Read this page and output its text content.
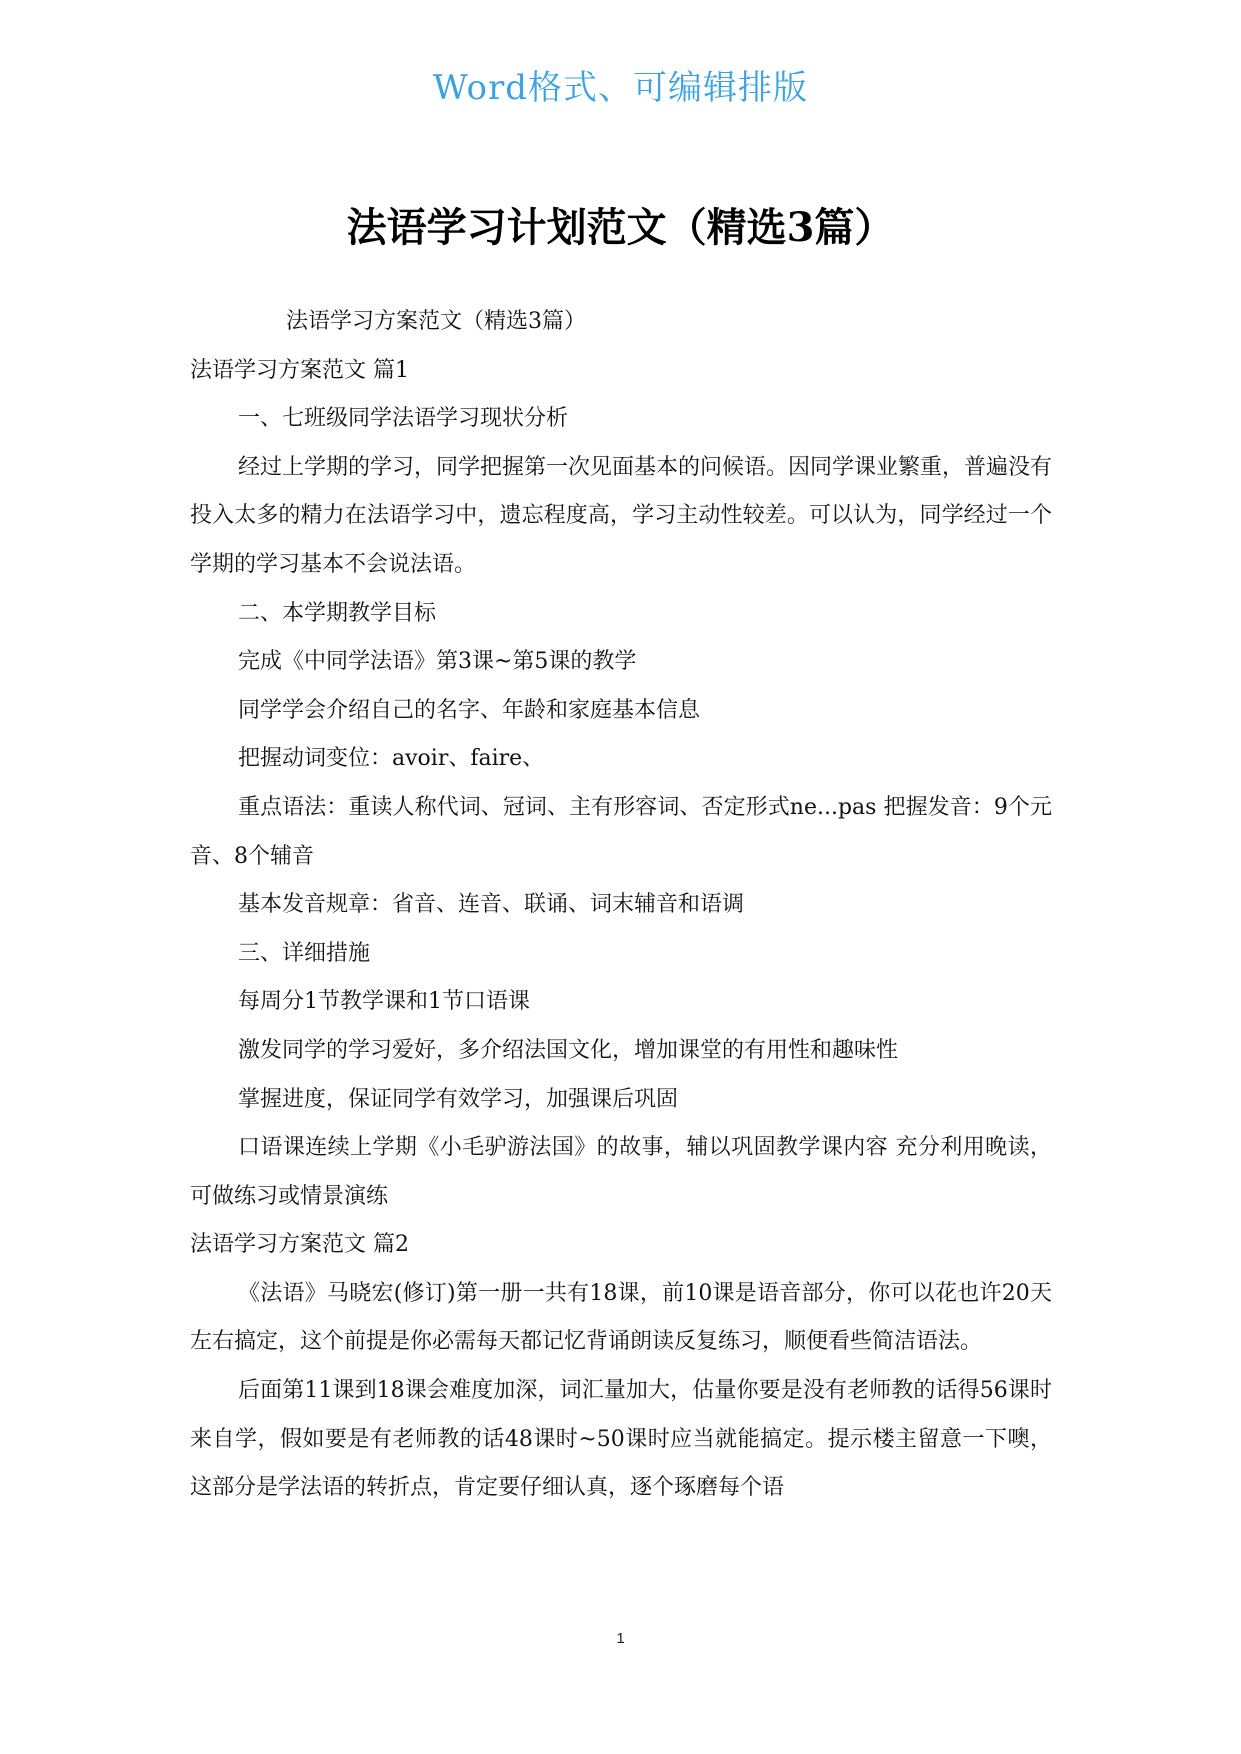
Word格式、可编辑排版
法语学习计划范文（精选3篇）

法语学习方案范文（精选3篇）

法语学习方案范文 篇1

一、七班级同学法语学习现状分析

经过上学期的学习，同学把握第一次见面基本的问候语。因同学课业繁重，普遍没有投入太多的精力在法语学习中，遗忘程度高，学习主动性较差。可以认为，同学经过一个学期的学习基本不会说法语。

二、本学期教学目标

完成《中同学法语》第3课~第5课的教学

同学学会介绍自己的名字、年龄和家庭基本信息

把握动词变位：avoir、faire、

重点语法：重读人称代词、冠词、主有形容词、否定形式ne...pas 把握发音：9个元音、8个辅音

基本发音规章：省音、连音、联诵、词末辅音和语调

三、详细措施

每周分1节教学课和1节口语课

激发同学的学习爱好，多介绍法国文化，增加课堂的有用性和趣味性

掌握进度，保证同学有效学习，加强课后巩固

口语课连续上学期《小毛驴游法国》的故事，辅以巩固教学课内容 充分利用晚读，可做练习或情景演练

法语学习方案范文 篇2

《法语》马晓宏(修订)第一册一共有18课，前10课是语音部分，你可以花也许20天左右搞定，这个前提是你必需每天都记忆背诵朗读反复练习，顺便看些简洁语法。

后面第11课到18课会难度加深，词汇量加大，估量你要是没有老师教的话得56课时来自学，假如要是有老师教的话48课时~50课时应当就能搞定。提示楼主留意一下噢，这部分是学法语的转折点，肯定要仔细认真，逐个琢磨每个语

1
